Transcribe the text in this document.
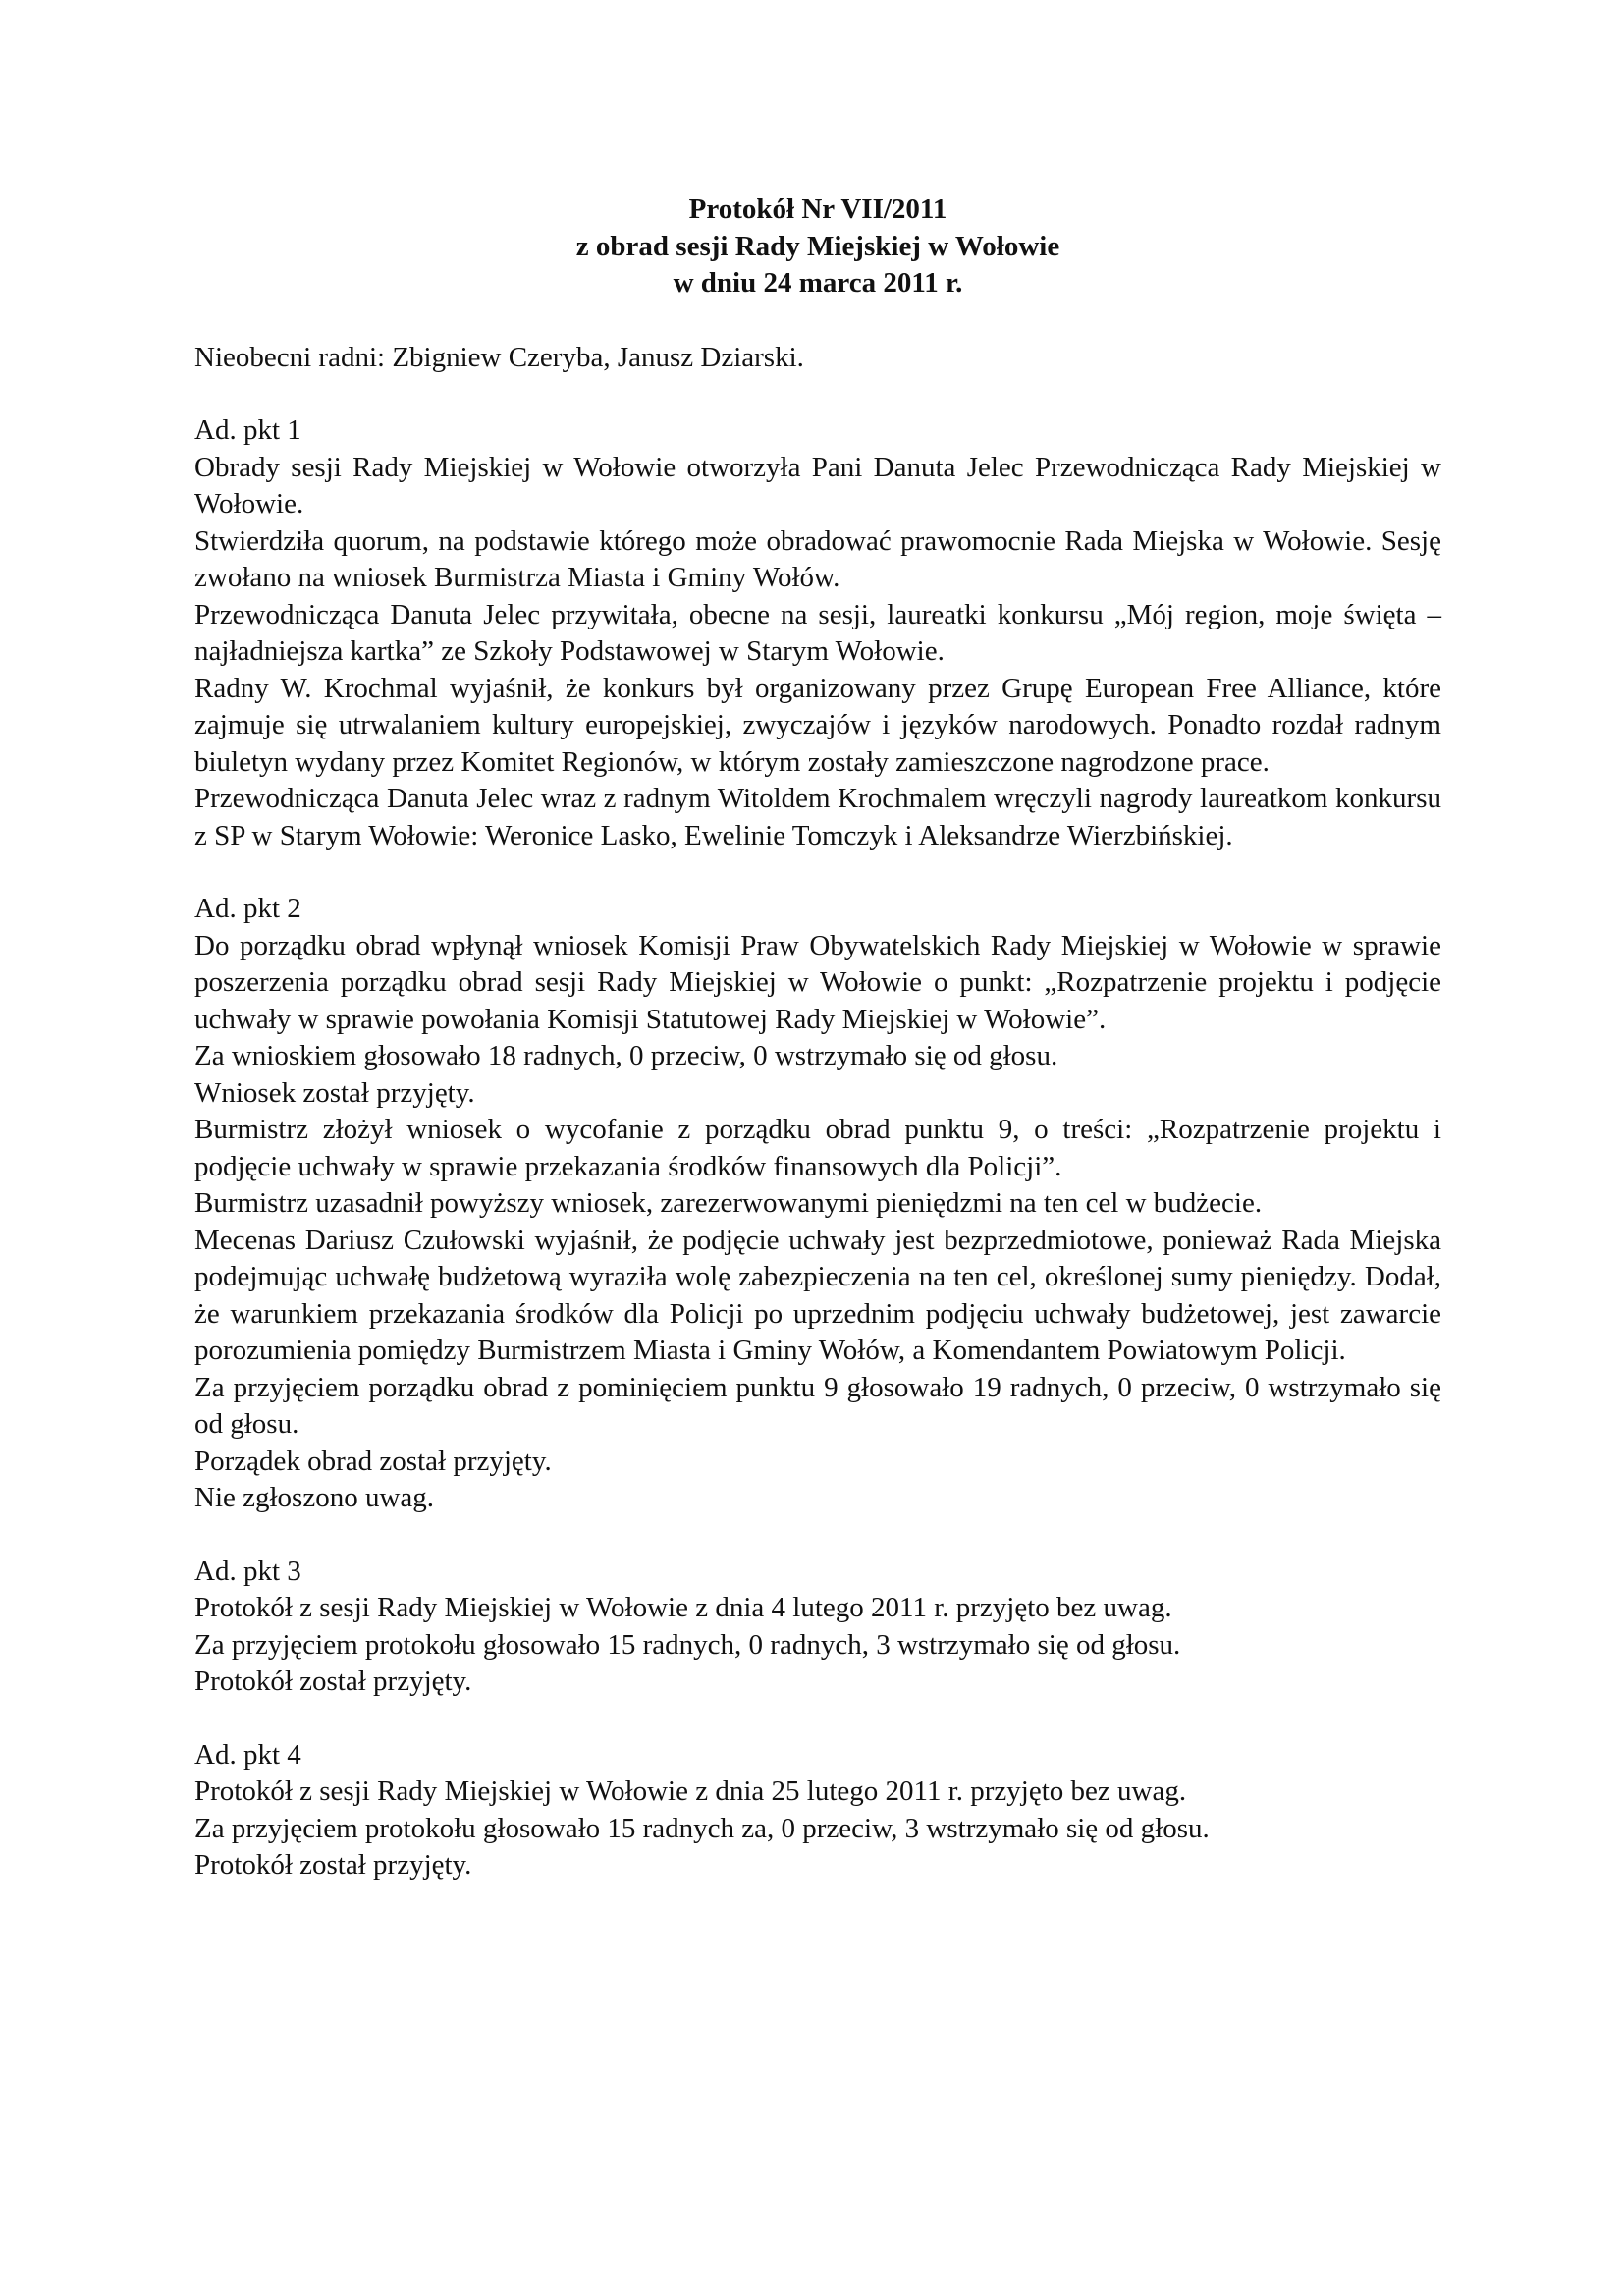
Protokół Nr VII/2011
z obrad sesji Rady Miejskiej w Wołowie
w dniu 24 marca 2011 r.
Nieobecni radni: Zbigniew Czeryba, Janusz Dziarski.
Ad. pkt 1
Obrady sesji Rady Miejskiej w Wołowie otworzyła Pani Danuta Jelec Przewodnicząca Rady Miejskiej w Wołowie.
Stwierdziła quorum, na podstawie którego może obradować prawomocnie Rada Miejska w Wołowie. Sesję zwołano na wniosek Burmistrza Miasta i Gminy Wołów.
Przewodnicząca Danuta Jelec przywitała, obecne na sesji, laureatki konkursu „Mój region, moje święta – najładniejsza kartka” ze Szkoły Podstawowej w Starym Wołowie.
Radny W. Krochmal wyjaśnił, że konkurs był organizowany przez Grupę European Free Alliance, które zajmuje się utrwalaniem kultury europejskiej, zwyczajów i języków narodowych. Ponadto rozdał radnym biuletyn wydany przez Komitet Regionów, w którym zostały zamieszczone nagrodzone prace.
Przewodnicząca Danuta Jelec wraz z radnym Witoldem Krochmalem wręczyli nagrody laureatkom konkursu z SP w Starym Wołowie: Weronice Lasko, Ewelinie Tomczyk i Aleksandrze Wierzbińskiej.
Ad. pkt 2
Do porządku obrad wpłynął wniosek Komisji Praw Obywatelskich Rady Miejskiej w Wołowie w sprawie poszerzenia porządku obrad sesji Rady Miejskiej w Wołowie o punkt: „Rozpatrzenie projektu i podjęcie uchwały w sprawie powołania Komisji Statutowej Rady Miejskiej w Wołowie”.
Za wnioskiem głosowało 18 radnych, 0 przeciw, 0 wstrzymało się od głosu.
Wniosek został przyjęty.
Burmistrz złożył wniosek o wycofanie z porządku obrad punktu 9, o treści: „Rozpatrzenie projektu i podjęcie uchwały w sprawie przekazania środków finansowych dla Policji”.
Burmistrz uzasadnił powyższy wniosek, zarezerwowanymi pieniędzmi na ten cel w budżecie.
Mecenas Dariusz Czułowski wyjaśnił, że podjęcie uchwały jest bezprzedmiotowe, ponieważ Rada Miejska podejmując uchwałę budżetową wyraziła wolę zabezpieczenia na ten cel, określonej sumy pieniędzy. Dodał, że warunkiem przekazania środków dla Policji po uprzednim podjęciu uchwały budżetowej, jest zawarcie porozumienia pomiędzy Burmistrzem Miasta i Gminy Wołów, a Komendantem Powiatowym Policji.
Za przyjęciem porządku obrad z pominięciem punktu 9 głosowało 19 radnych, 0 przeciw, 0 wstrzymało się od głosu.
Porządek obrad został przyjęty.
Nie zgłoszono uwag.
Ad. pkt 3
Protokół z sesji Rady Miejskiej w Wołowie z dnia 4 lutego 2011 r. przyjęto bez uwag.
Za przyjęciem protokołu głosowało 15 radnych, 0 radnych, 3 wstrzymało się od głosu.
Protokół został przyjęty.
Ad. pkt 4
Protokół z sesji Rady Miejskiej w Wołowie z dnia 25 lutego 2011 r. przyjęto bez uwag.
Za przyjęciem protokołu głosowało 15 radnych za, 0 przeciw, 3 wstrzymało się od głosu.
Protokół został przyjęty.
